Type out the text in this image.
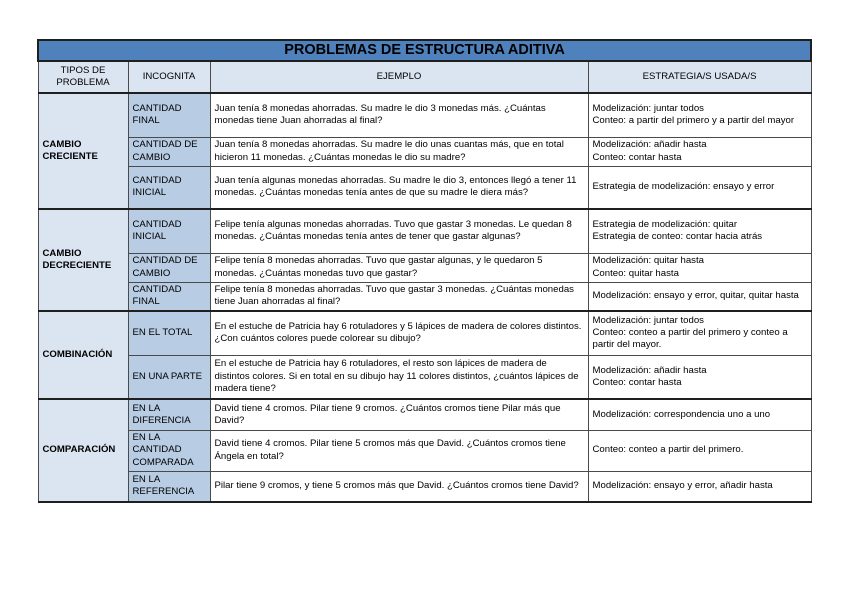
PROBLEMAS DE ESTRUCTURA ADITIVA			
TIPOS DE PROBLEMA	INCOGNITA	EJEMPLO	ESTRATEGIA/S USADA/S
CAMBIO CRECIENTE	CANTIDAD FINAL	Juan tenía 8 monedas ahorradas. Su madre le dio 3 monedas más. ¿Cuántas monedas tiene Juan ahorradas al final?	Modelización: juntar todos
Conteo: a partir del primero y a partir del mayor
	CANTIDAD DE CAMBIO	Juan tenía 8 monedas ahorradas. Su madre le dio unas cuantas más, que en total hicieron 11 monedas. ¿Cuántas monedas le dio su madre?	Modelización: añadir hasta
Conteo: contar hasta
	CANTIDAD INICIAL	Juan tenía algunas monedas ahorradas. Su madre le dio 3, entonces llegó a tener 11 monedas. ¿Cuántas monedas tenía antes de que su madre le diera más?	Estrategia de modelización: ensayo y error
CAMBIO DECRECIENTE	CANTIDAD INICIAL	Felipe tenía algunas monedas ahorradas. Tuvo que gastar 3 monedas. Le quedan 8 monedas. ¿Cuántas monedas tenía antes de tener que gastar algunas?	Estrategia de modelización: quitar
Estrategia de conteo: contar hacia atrás
	CANTIDAD DE CAMBIO	Felipe tenía 8 monedas ahorradas. Tuvo que gastar algunas, y le quedaron 5 monedas. ¿Cuántas monedas tuvo que gastar?	Modelización: quitar hasta
Conteo: quitar hasta
	CANTIDAD FINAL	Felipe tenía 8 monedas ahorradas. Tuvo que gastar 3 monedas. ¿Cuántas monedas tiene Juan ahorradas al final?	Modelización: ensayo y error, quitar, quitar hasta
COMBINACIÓN	EN EL TOTAL	En el estuche de Patricia hay 6 rotuladores y 5 lápices de madera de colores distintos. ¿Con cuántos colores puede colorear su dibujo?	Modelización: juntar todos
Conteo: conteo a partir del primero y conteo a partir del mayor.
	EN UNA PARTE	En el estuche de Patricia hay 6 rotuladores, el resto son lápices de madera de distintos colores. Si en total en su dibujo hay 11 colores distintos, ¿cuántos lápices de madera tiene?	Modelización: añadir hasta
Conteo: contar hasta
COMPARACIÓN	EN LA DIFERENCIA	David tiene 4 cromos. Pilar tiene 9 cromos. ¿Cuántos cromos tiene Pilar más que David?	Modelización: correspondencia uno a uno
	EN LA CANTIDAD COMPARADA	David tiene 4 cromos. Pilar tiene 5 cromos más que David. ¿Cuántos cromos tiene Ángela en total?	Conteo: conteo a partir del primero.
	EN LA REFERENCIA	Pilar tiene 9 cromos, y tiene 5 cromos más que David. ¿Cuántos cromos tiene David?	Modelización: ensayo y error, añadir hasta
